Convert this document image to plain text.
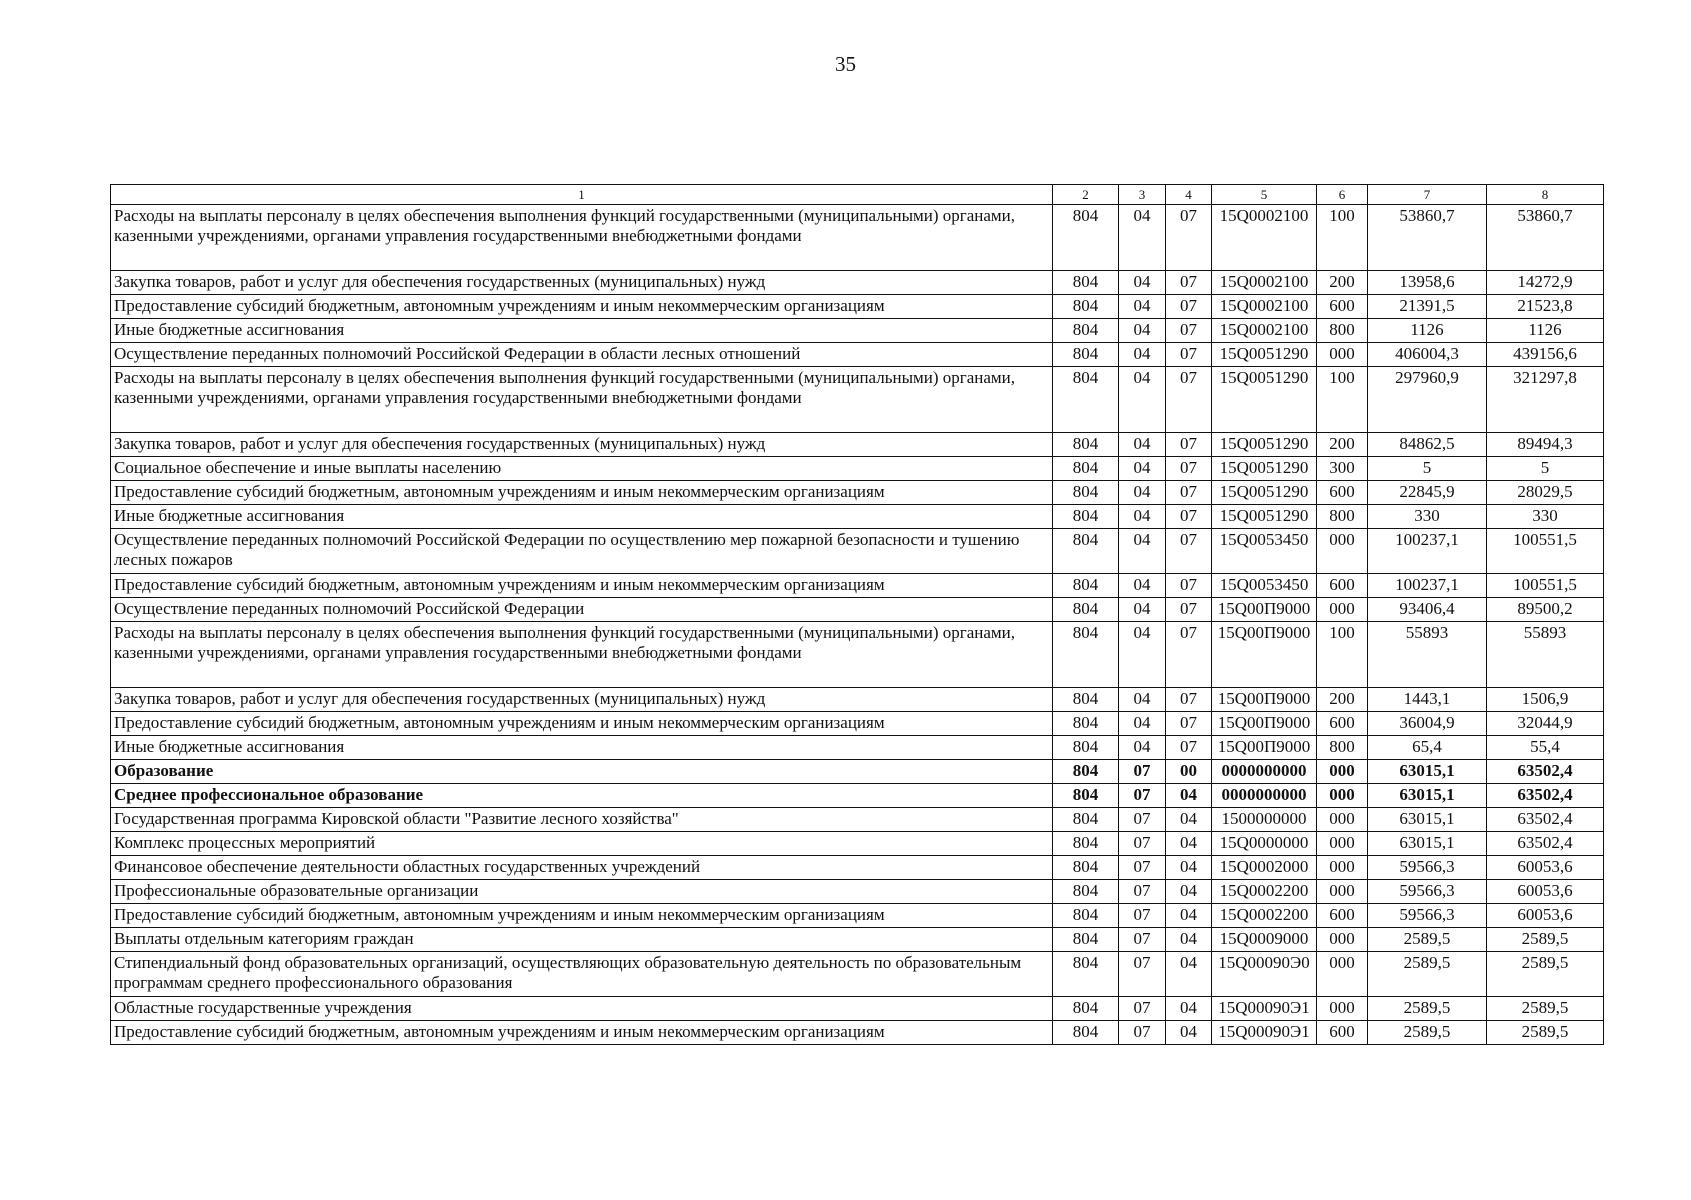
35
1	2	3	4	5	6	7	8
Расходы на выплаты персоналу в целях обеспечения выполнения функций государственными (муниципальными) органами, казенными учреждениями, органами управления государственными внебюджетными фондами	804	04	07	15Q0002100	100	53860,7	53860,7
Закупка товаров, работ и услуг для обеспечения государственных (муниципальных) нужд	804	04	07	15Q0002100	200	13958,6	14272,9
Предоставление субсидий бюджетным, автономным учреждениям и иным некоммерческим организациям	804	04	07	15Q0002100	600	21391,5	21523,8
Иные бюджетные ассигнования	804	04	07	15Q0002100	800	1126	1126
Осуществление переданных полномочий Российской Федерации в области лесных отношений	804	04	07	15Q0051290	000	406004,3	439156,6
Расходы на выплаты персоналу в целях обеспечения выполнения функций государственными (муниципальными) органами, казенными учреждениями, органами управления государственными внебюджетными фондами	804	04	07	15Q0051290	100	297960,9	321297,8
Закупка товаров, работ и услуг для обеспечения государственных (муниципальных) нужд	804	04	07	15Q0051290	200	84862,5	89494,3
Социальное обеспечение и иные выплаты населению	804	04	07	15Q0051290	300	5	5
Предоставление субсидий бюджетным, автономным учреждениям и иным некоммерческим организациям	804	04	07	15Q0051290	600	22845,9	28029,5
Иные бюджетные ассигнования	804	04	07	15Q0051290	800	330	330
Осуществление переданных полномочий Российской Федерации по осуществлению мер пожарной безопасности и тушению лесных пожаров	804	04	07	15Q0053450	000	100237,1	100551,5
Предоставление субсидий бюджетным, автономным учреждениям и иным некоммерческим организациям	804	04	07	15Q0053450	600	100237,1	100551,5
Осуществление переданных полномочий Российской Федерации	804	04	07	15Q00П9000	000	93406,4	89500,2
Расходы на выплаты персоналу в целях обеспечения выполнения функций государственными (муниципальными) органами, казенными учреждениями, органами управления государственными внебюджетными фондами	804	04	07	15Q00П9000	100	55893	55893
Закупка товаров, работ и услуг для обеспечения государственных (муниципальных) нужд	804	04	07	15Q00П9000	200	1443,1	1506,9
Предоставление субсидий бюджетным, автономным учреждениям и иным некоммерческим организациям	804	04	07	15Q00П9000	600	36004,9	32044,9
Иные бюджетные ассигнования	804	04	07	15Q00П9000	800	65,4	55,4
Образование	804	07	00	0000000000	000	63015,1	63502,4
Среднее профессиональное образование	804	07	04	0000000000	000	63015,1	63502,4
Государственная программа Кировской области "Развитие лесного хозяйства"	804	07	04	1500000000	000	63015,1	63502,4
Комплекс процессных мероприятий	804	07	04	15Q0000000	000	63015,1	63502,4
Финансовое обеспечение деятельности областных государственных учреждений	804	07	04	15Q0002000	000	59566,3	60053,6
Профессиональные образовательные организации	804	07	04	15Q0002200	000	59566,3	60053,6
Предоставление субсидий бюджетным, автономным учреждениям и иным некоммерческим организациям	804	07	04	15Q0002200	600	59566,3	60053,6
Выплаты отдельным категориям граждан	804	07	04	15Q0009000	000	2589,5	2589,5
Стипендиальный фонд образовательных организаций, осуществляющих образовательную деятельность по образовательным программам среднего профессионального образования	804	07	04	15Q00090Э0	000	2589,5	2589,5
Областные государственные учреждения	804	07	04	15Q00090Э1	000	2589,5	2589,5
Предоставление субсидий бюджетным, автономным учреждениям и иным некоммерческим организациям	804	07	04	15Q00090Э1	600	2589,5	2589,5
